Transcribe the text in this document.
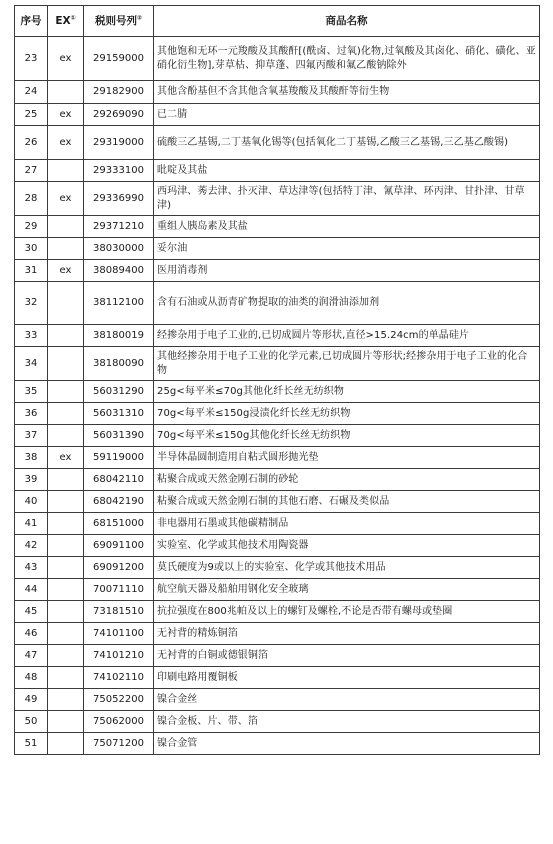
序号	EX①	税则号列②	商品名称
23	ex	29159000	其他饱和无环一元羧酸及其酸酐[(酰卤、过氧)化物,过氧酸及其卤化、硝化、磺化、亚硝化衍生物],芽草枯、抑草蓬、四氟丙酸和氟乙酸钠除外
24		29182900	其他含酚基但不含其他含氧基羧酸及其酸酐等衍生物
25	ex	29269090	已二腈
26	ex	29319000	硫酸三乙基锡,二丁基氧化锡等(包括氧化二丁基锡,乙酸三乙基锡,三乙基乙酸锡)
27		29333100	吡啶及其盐
28	ex	29336990	西玛津、莠去津、扑灭津、草达津等(包括特丁津、氰草津、环丙津、甘扑津、甘草津)
29		29371210	重组人胰岛素及其盐
30		38030000	妥尔油
31	ex	38089400	医用消毒剂
32		38112100	含有石油或从沥青矿物提取的油类的润滑油添加剂
33		38180019	经掺杂用于电子工业的,已切成圆片等形状,直径>15.24cm的单晶硅片
34		38180090	其他经掺杂用于电子工业的化学元素,已切成圆片等形状;经掺杂用于电子工业的化合物
35		56031290	25g<每平米≤70g其他化纤长丝无纺织物
36		56031310	70g<每平米≤150g浸渍化纤长丝无纺织物
37		56031390	70g<每平米≤150g其他化纤长丝无纺织物
38	ex	59119000	半导体晶圆制造用自粘式圆形抛光垫
39		68042110	粘聚合成或天然金刚石制的砂轮
40		68042190	粘聚合成或天然金刚石制的其他石磨、石碾及类似品
41		68151000	非电器用石墨或其他碳精制品
42		69091100	实验室、化学或其他技术用陶瓷器
43		69091200	莫氏硬度为9或以上的实验室、化学或其他技术用品
44		70071110	航空航天器及船舶用钢化安全玻璃
45		73181510	抗拉强度在800兆帕及以上的螺钉及螺栓,不论是否带有螺母或垫圈
46		74101100	无衬背的精炼铜箔
47		74101210	无衬背的白铜或德银铜箔
48		74102110	印刷电路用覆铜板
49		75052200	镍合金丝
50		75062000	镍合金板、片、带、箔
51		75071200	镍合金管
